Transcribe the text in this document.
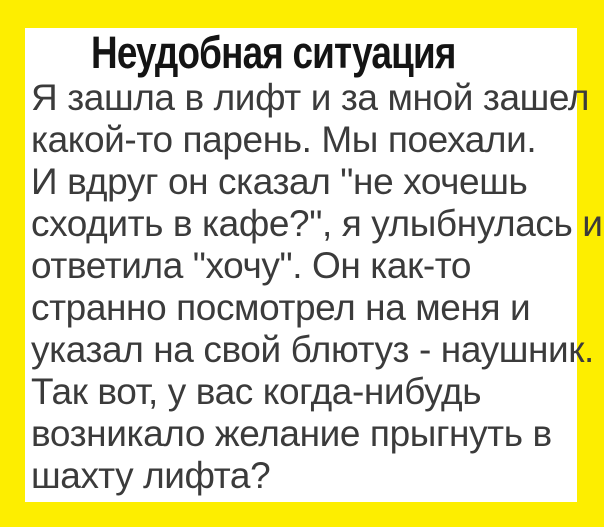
Неудобная ситуация
Я зашла в лифт и за мной зашел
какой-то парень. Мы поехали.
И вдруг он сказал "не хочешь
сходить в кафе?", я улыбнулась и
ответила "хочу". Он как-то
странно посмотрел на меня и
указал на свой блютуз - наушник.
Так вот, у вас когда-нибудь
возникало желание прыгнуть в
шахту лифта?
